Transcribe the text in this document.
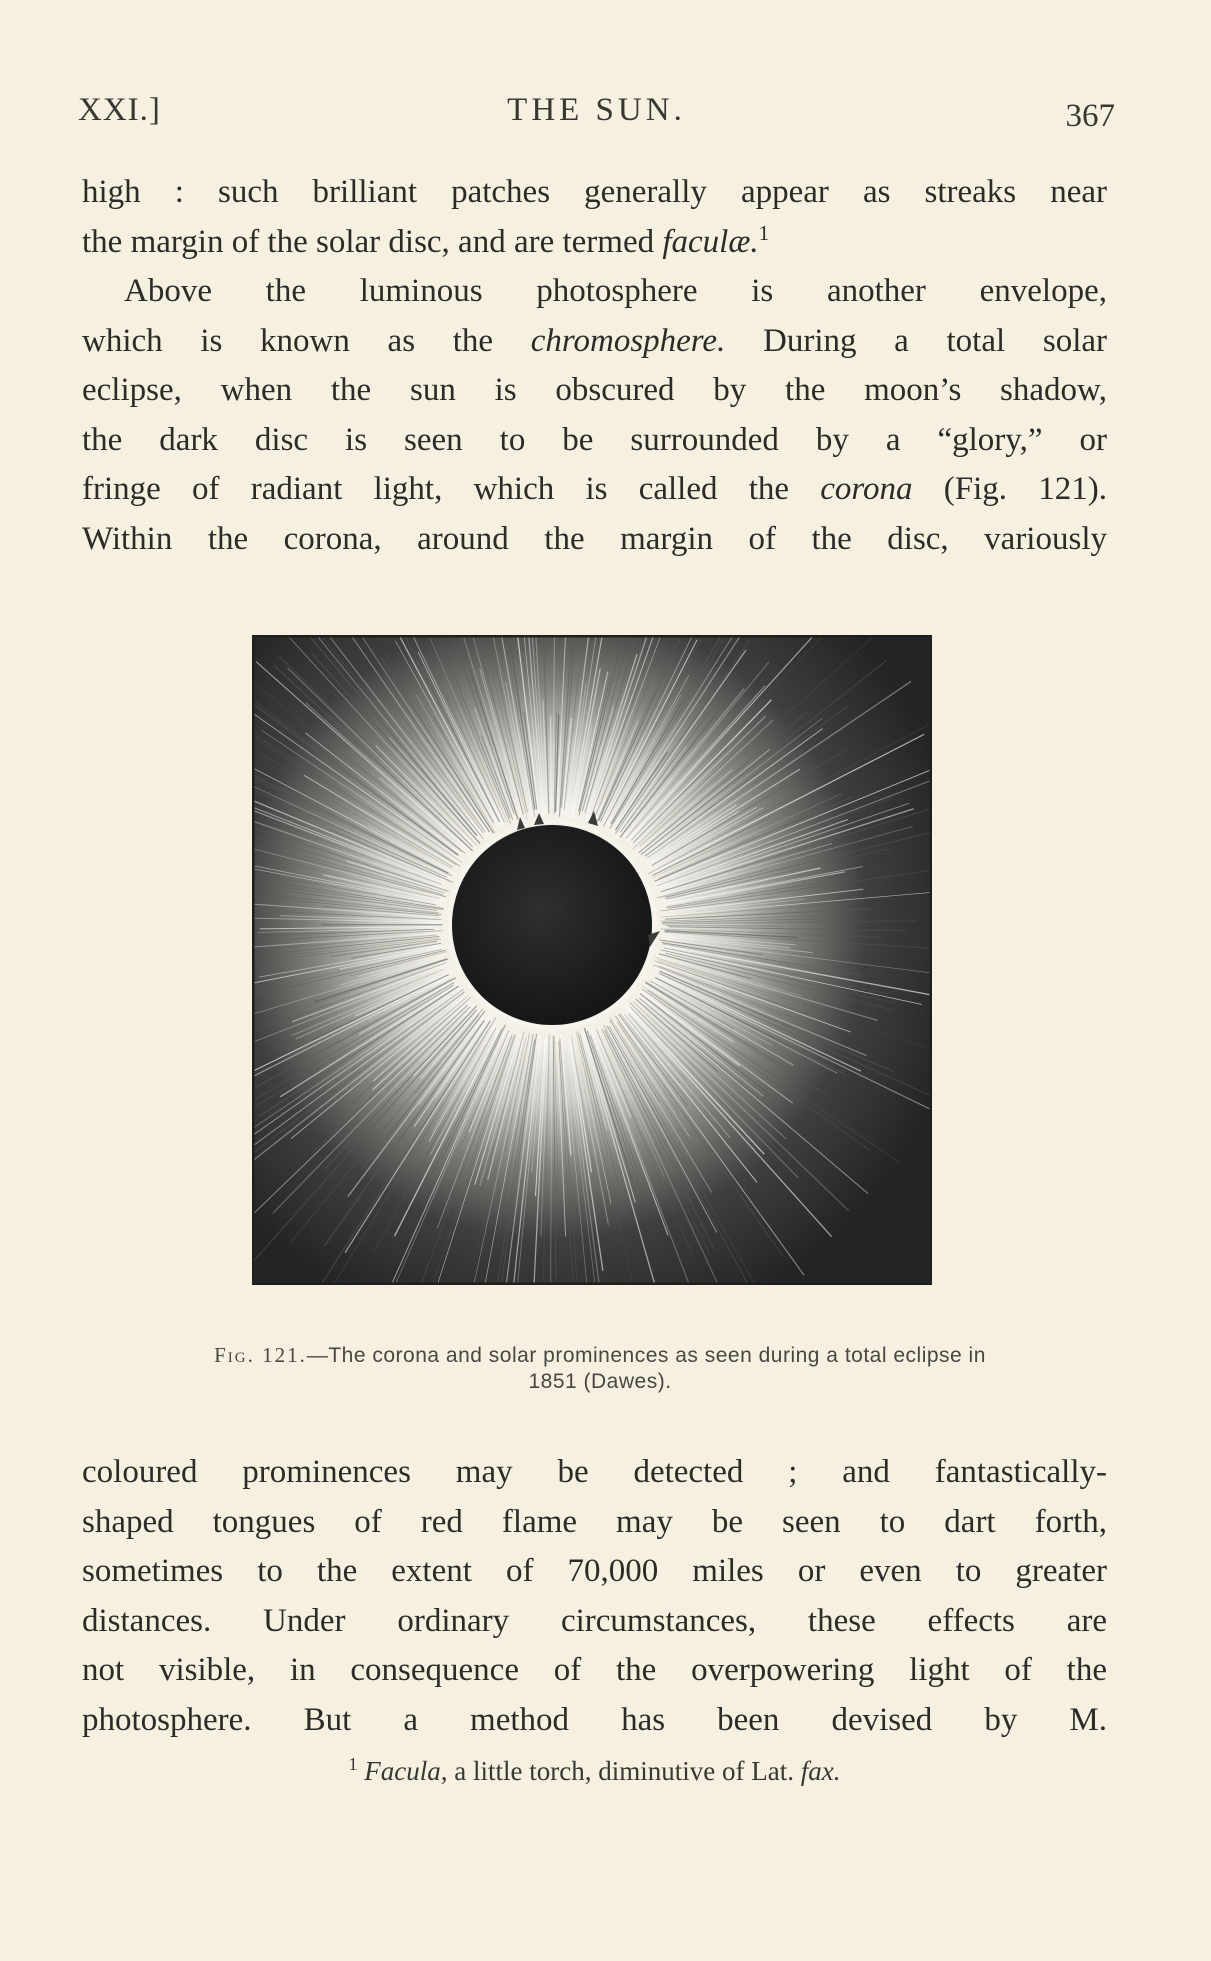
XXI.]	THE SUN.	367
high : such brilliant patches generally appear as streaks near
the margin of the solar disc, and are termed faculæ.$^1$
Above the luminous photosphere is another envelope,
which is known as the chromosphere. During a total solar
eclipse, when the sun is obscured by the moon’s shadow,
the dark disc is seen to be surrounded by a “glory,” or
fringe of radiant light, which is called the corona (Fig. 121).
Within the corona, around the margin of the disc, variously
Fig. 121.—The corona and solar prominences as seen during a total eclipse in
1851 (Dawes).
coloured prominences may be detected ; and fantastically-
shaped tongues of red flame may be seen to dart forth,
sometimes to the extent of 70,000 miles or even to greater
distances. Under ordinary circumstances, these effects are
not visible, in consequence of the overpowering light of the
photosphere. But a method has been devised by M.
$^1$ Facula, a little torch, diminutive of Lat. fax.
